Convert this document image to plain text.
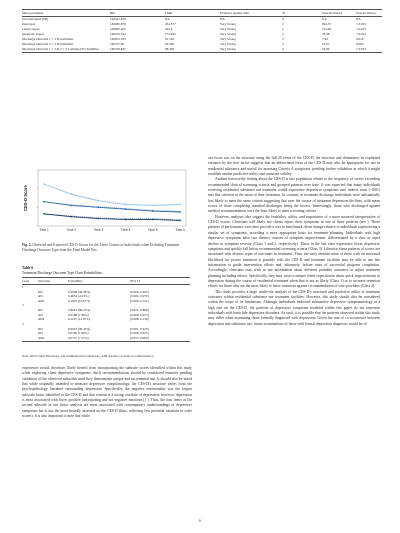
Mean parameter	BIC	LMR	Evidence against Null	df	Overall Wald Z	Overall Wald p
Unconstrained (MI)	166591.950	NA	NA	0	NA	NA
Intercepts	166685.879	454.377	Very Strong	2	994.37	< 0.001
Linear slopes	166695.202	225.6	Very Strong	2	214.99	< 0.001
Quadratic slopes	166616.344	174.942	Very Strong	2	78.38	< 0.001
Discharge Outcome 1 > 3 Probabilities	166655.703	91.162	Very Strong	2	7.99	0.018
Discharge Outcome 2 > 3 Probabilities	166707.99	95.548	Very Strong	2	10.97	0.004
Discharge Outcome 1 > 3 & 2 > 3 Combined Probabilities	166729.847	98.348	Very Strong	4	24.69	< 0.001
CES-D Score
Time 1	Time 2	Time 3	Time 4	Time 5	Time 6
Fig. 2. Observed and Expected CES-D Scores for the Three Classes of Individuals when Including Treatment Discharge Outcome Type from the Final Model Fits.
Table 6
Treatment Discharge Outcome Type Class Probabilities.
Class	Outcome	Probability	95% CI
1			
	RD	0.4038 (40.38%)	[0.009, 0.692]
	AD	0.4654 (4.54%)	[0.002, 0.079]
	APR	0.1067 (10.67%)	[0.000, 0.121]
2			
	RD	0.8623 (86.23%)	[0.821, 0.888]
	AD	0.0186 (1.86%)	[0.009, 0.053]
	APR	0.1197 (11.97%)	[0.088, 0.139]
3			
	RD	0.9043 (90.43%)	[0.901, 0.920]
	AD	0.0196 (1.96%)	[0.008, 0.025]
	APR	0.0757 (7.57%)	[0.055, 0.085]
Note. RD Formal Discharge, AD Administrative Discharge, APR Against provider recommendation

experience would, therefore, likely benefit from incorporating the subscale scores identified within this study while exploring client depressive symptoms. Such recommendations should be considered tentative pending validation of the observed subscales until they demonstrate unique and incremental use. It should also be noted that while originally intended to measure depressive symptomology, the CES-D's structure varies from the psychopathology literature surrounding depression. Specifically, the negative emotionality was the largest subscale factor identified in the CES-D and that content is a strong correlate of depression; however, depression is most associated with lower positive (anticipating and not negative emotions) ( ). Thus, the four items of the second subscale in our factor analysis are most associated with contemporary understandings of depressive symptoms but is not the more broadly assessed on the CES-D (thus, reflecting less potential variation in scale scores). It is also important to note that while

our focus was on the structure using the full 20 items of the CES-D, the structure and dominance its explained variance by the first factor suggests that an abbreviated form of the CES-D may also be appropriate for use in residential substance and useful for assessing Criteria A symptoms, pending further validation in which it might establish similar predictive utility and construct validity.

Another noteworthy finding about the CES-D is this population relates to the frequency of scores exceeding recommended clinical screening criteria and grouped patterns over time. It was expected that many individuals receiving residential substance use treatment would experience depressive symptoms and, indeed, most (~84%) met this criterion at the onset of their treatment. In contrast, at treatment discharge individuals were substantially less likely to meet the same criteria suggesting that over the course of treatment depression declines, with mean scores of those completing standard discharges being the lowest. Interestingly, those who discharged against medical recommendation were the least likely to meet screening criteria.

However, analyses also suggest the feasibility, utility, and importance of a more nuanced interpretation of CES-D scores. Clinicians will likely see clients report their symptoms in one of three patterns (see ). These patterns of performance over time provide a way to benchmark client change relative to individuals experiencing a similar set of symptoms, providing a more appropriate basis for treatment planning. Individuals with high depressive symptoms have two distinct courses of symptom improvement, differentiated by a slow or rapid decline in symptom severity (Class 1 and 2, respectively). Those in the last class experience fewer depressive symptoms and quickly fall below recommended screening criteria (Class 3). Likewise, these patterns of scores are associated with distinct types of outcomes in treatment. Thus, the early identification of those with an increased likelihood for poorer treatment is possible with the CES-D and treatment facilities may be able to use this information to guide intervention efforts and, ultimately, bolster rates of successful program completion. Accordingly, clinicians may wish to use information about different probable outcomes to adjust treatment planning including efforts. Specifically, they may wish to temper client expectations about quick improvements in depression during the course of residential treatment when that is not as likely (Class 1) or to increase retention efforts for those who are the most likely to leave treatment against recommendation of care providers (Class 2).

This study provides a large, multi-site analysis of the CES-D's structural and predictive utility of treatment outcomes within residential substance use treatment facilities. However, this study should also be considered within the scope of its limitations. Although individuals endorsed substantive depressive symptomatology at a high rate on the CES-D, the patterns of depressive symptoms modeled within this paper do not represent individuals with bona fide depressive disorders. As such, it is possible that the patterns observed within this study may differ when examining those formally diagnosed with depression. Given the rate of co-occurrence between depression and substance use, future examinations of those with formal depression diagnoses would be of

6
